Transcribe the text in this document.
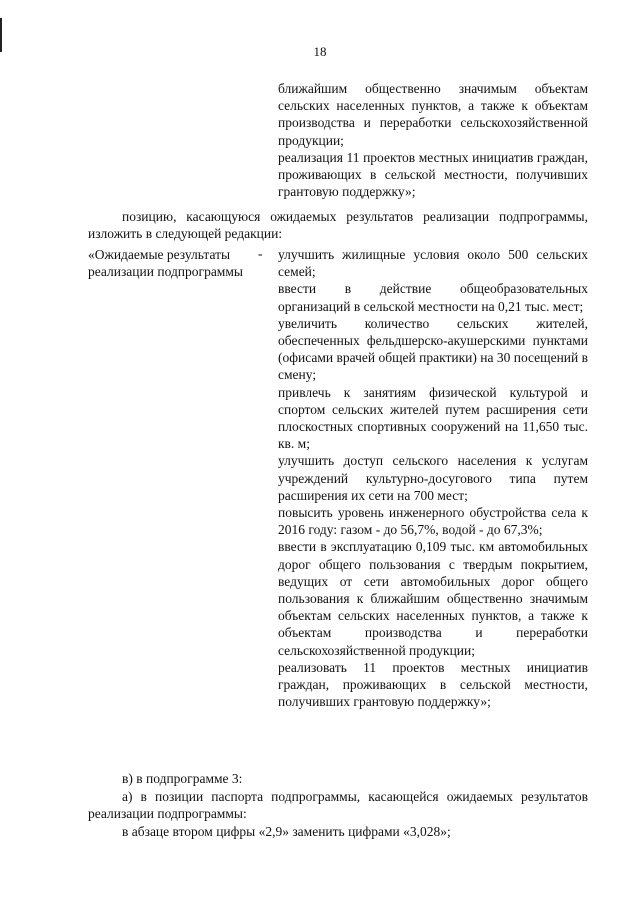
18

ближайшим общественно значимым объектам сельских населенных пунктов, а также к объектам производства и переработки сельскохозяйственной продукции;

реализация 11 проектов местных инициатив граждан, проживающих в сельской местности, получивших грантовую поддержку»;

позицию, касающуюся ожидаемых результатов реализации подпрограммы, изложить в следующей редакции:
«Ожидаемые результаты реализации подпрограммы
- улучшить жилищные условия около 500 сельских семей;

ввести в действие общеобразовательных организаций в сельской местности на 0,21 тыс. мест;

увеличить количество сельских жителей, обеспеченных фельдшерско-акушерскими пунктами (офисами врачей общей практики) на 30 посещений в смену;

привлечь к занятиям физической культурой и спортом сельских жителей путем расширения сети плоскостных спортивных сооружений на 11,650 тыс. кв. м;

улучшить доступ сельского населения к услугам учреждений культурно-досугового типа путем расширения их сети на 700 мест;

повысить уровень инженерного обустройства села к 2016 году: газом - до 56,7%, водой - до 67,3%;

ввести в эксплуатацию 0,109 тыс. км автомобильных дорог общего пользования с твердым покрытием, ведущих от сети автомобильных дорог общего пользования к ближайшим общественно значимым объектам сельских населенных пунктов, а также к объектам производства и переработки сельскохозяйственной продукции;

реализовать 11 проектов местных инициатив граждан, проживающих в сельской местности, получивших грантовую поддержку»;

в) в подпрограмме 3:

а) в позиции паспорта подпрограммы, касающейся ожидаемых результатов реализации подпрограммы:

в абзаце втором цифры «2,9» заменить цифрами «3,028»;
